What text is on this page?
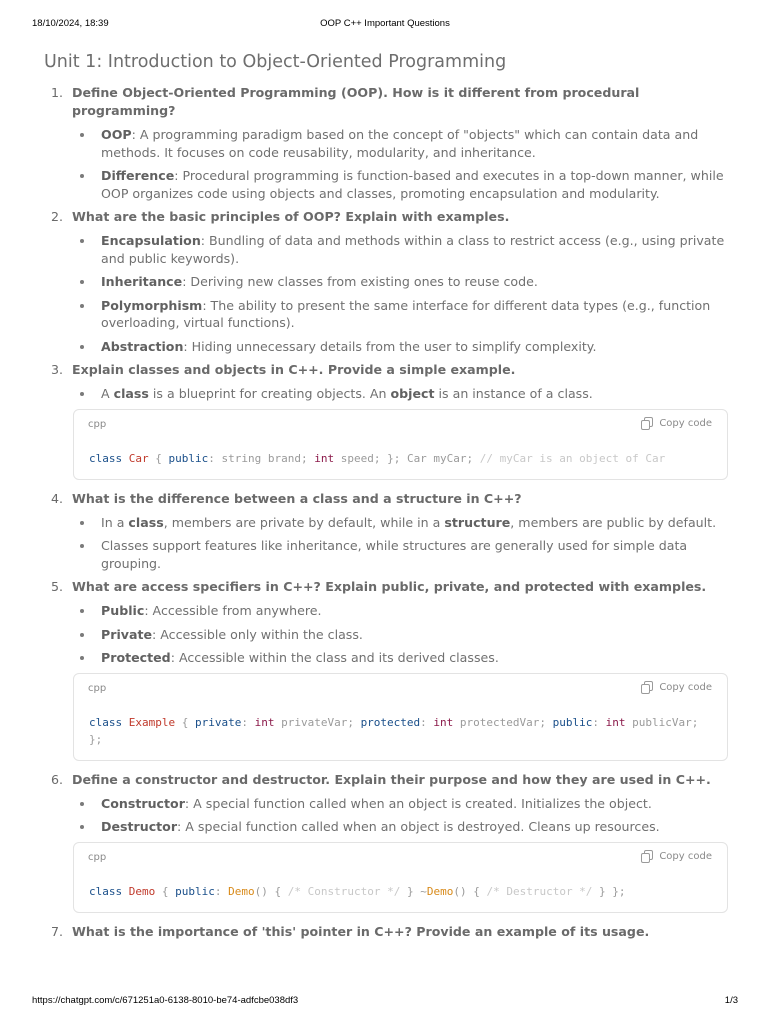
18/10/2024, 18:39	OOP C++ Important Questions
Unit 1: Introduction to Object-Oriented Programming
1. Define Object-Oriented Programming (OOP). How is it different from procedural programming?
OOP: A programming paradigm based on the concept of "objects" which can contain data and methods. It focuses on code reusability, modularity, and inheritance.
Difference: Procedural programming is function-based and executes in a top-down manner, while OOP organizes code using objects and classes, promoting encapsulation and modularity.
2. What are the basic principles of OOP? Explain with examples.
Encapsulation: Bundling of data and methods within a class to restrict access (e.g., using private and public keywords).
Inheritance: Deriving new classes from existing ones to reuse code.
Polymorphism: The ability to present the same interface for different data types (e.g., function overloading, virtual functions).
Abstraction: Hiding unnecessary details from the user to simplify complexity.
3. Explain classes and objects in C++. Provide a simple example.
A class is a blueprint for creating objects. An object is an instance of a class.
cpp	Copy code
class Car { public: string brand; int speed; }; Car myCar; // myCar is an object of Car
4. What is the difference between a class and a structure in C++?
In a class, members are private by default, while in a structure, members are public by default.
Classes support features like inheritance, while structures are generally used for simple data grouping.
5. What are access specifiers in C++? Explain public, private, and protected with examples.
Public: Accessible from anywhere.
Private: Accessible only within the class.
Protected: Accessible within the class and its derived classes.
cpp	Copy code
class Example { private: int privateVar; protected: int protectedVar; public: int publicVar; };
6. Define a constructor and destructor. Explain their purpose and how they are used in C++.
Constructor: A special function called when an object is created. Initializes the object.
Destructor: A special function called when an object is destroyed. Cleans up resources.
cpp	Copy code
class Demo { public: Demo() { /* Constructor */ } ~Demo() { /* Destructor */ } };
7. What is the importance of 'this' pointer in C++? Provide an example of its usage.
https://chatgpt.com/c/671251a0-6138-8010-be74-adfcbe038df3	1/3
